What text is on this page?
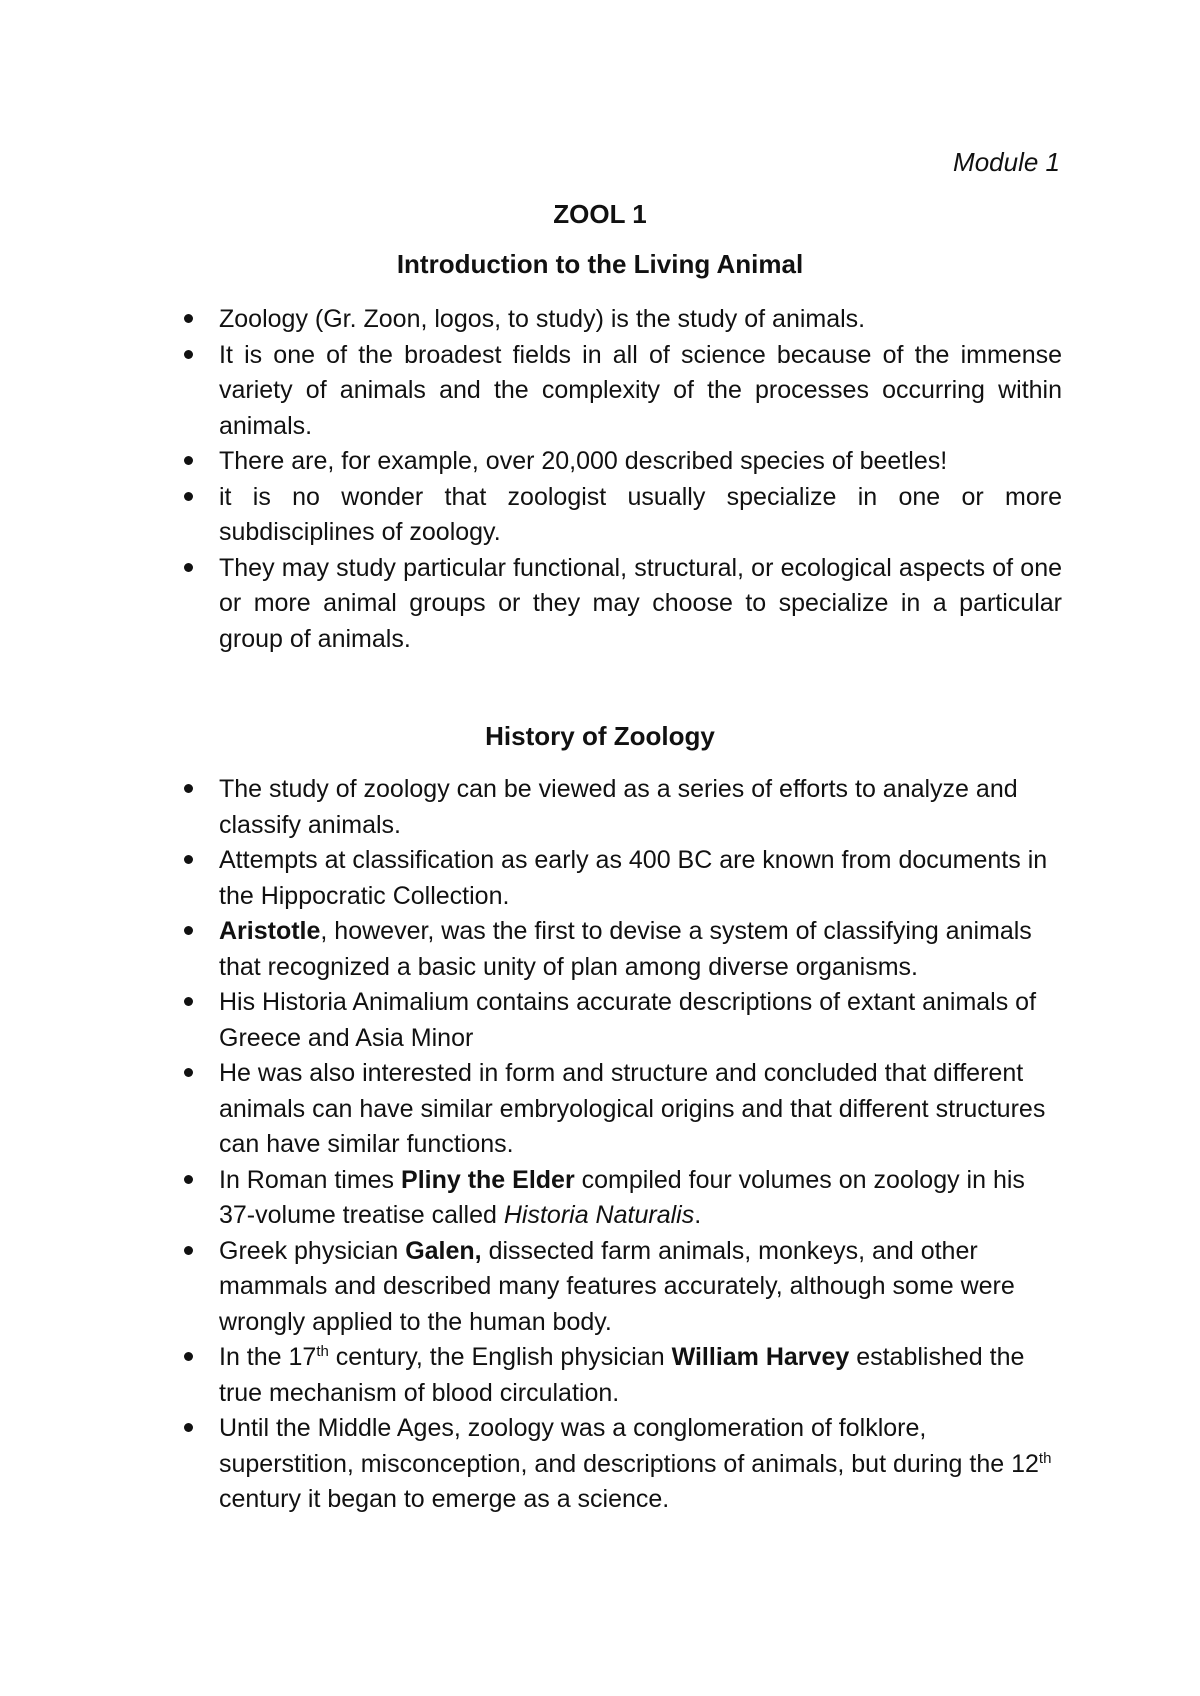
Module 1
ZOOL 1
Introduction to the Living Animal
Zoology (Gr. Zoon, logos, to study) is the study of animals.
It is one of the broadest fields in all of science because of the immense variety of animals and the complexity of the processes occurring within animals.
There are, for example, over 20,000 described species of beetles!
it is no wonder that zoologist usually specialize in one or more subdisciplines of zoology.
They may study particular functional, structural, or ecological aspects of one or more animal groups or they may choose to specialize in a particular group of animals.
History of Zoology
The study of zoology can be viewed as a series of efforts to analyze and classify animals.
Attempts at classification as early as 400 BC are known from documents in the Hippocratic Collection.
Aristotle, however, was the first to devise a system of classifying animals that recognized a basic unity of plan among diverse organisms.
His Historia Animalium contains accurate descriptions of extant animals of Greece and Asia Minor
He was also interested in form and structure and concluded that different animals can have similar embryological origins and that different structures can have similar functions.
In Roman times Pliny the Elder compiled four volumes on zoology in his 37-volume treatise called Historia Naturalis.
Greek physician Galen, dissected farm animals, monkeys, and other mammals and described many features accurately, although some were wrongly applied to the human body.
In the 17th century, the English physician William Harvey established the true mechanism of blood circulation.
Until the Middle Ages, zoology was a conglomeration of folklore, superstition, misconception, and descriptions of animals, but during the 12th century it began to emerge as a science.
